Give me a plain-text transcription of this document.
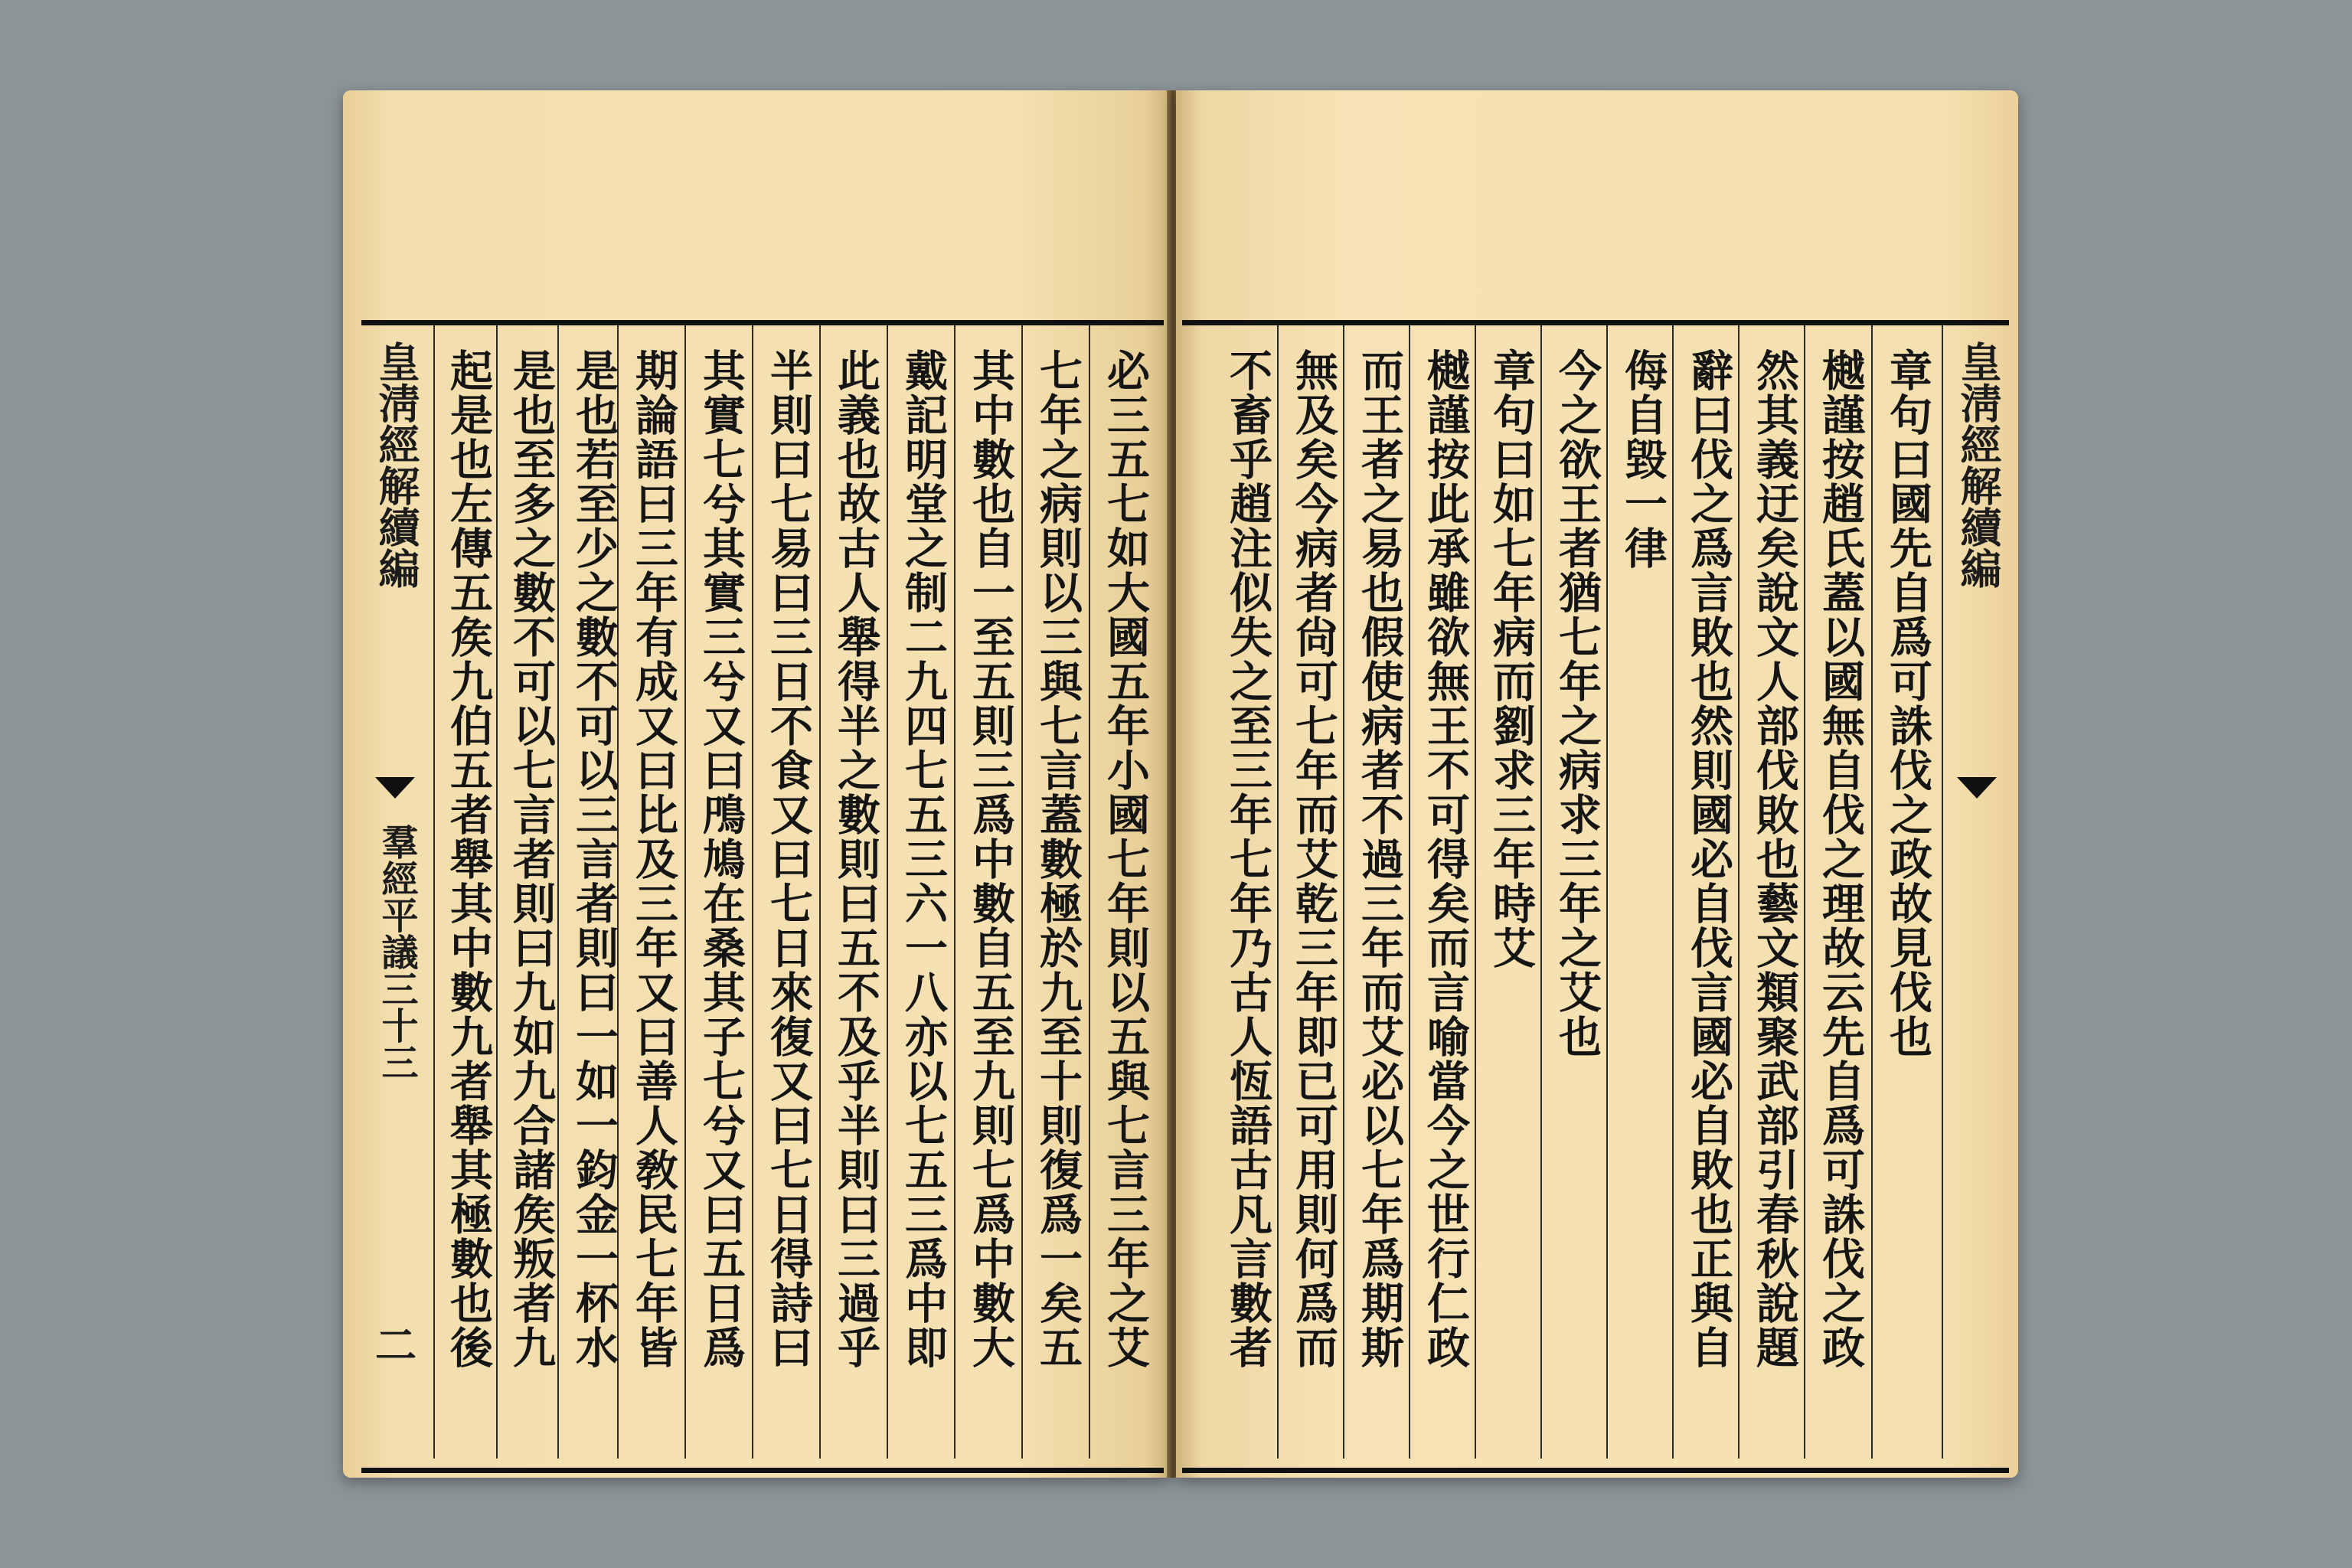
皇淸經解續編
羣經平議三十三
二	必三五七如大國五年小國七年則以五與七言三年之艾
七年之病則以三與七言蓋數極於九至十則復爲一矣五
其中數也自一至五則三爲中數自五至九則七爲中數大
戴記明堂之制二九四七五三六一八亦以七五三爲中即
此義也故古人舉得半之數則曰五不及乎半則曰三過乎
半則曰七易曰三日不食又曰七日來復又曰七日得詩曰
其實七兮其實三兮又曰鳲鳩在桑其子七兮又曰五日爲
期論語曰三年有成又曰比及三年又曰善人敎民七年皆
是也若至少之數不可以三言者則曰一如一鈞金一杯水
是也至多之數不可以七言者則曰九如九合諸矦叛者九
起是也左傳五矦九伯五者舉其中數九者舉其極數也後	皇淸經解續編
章句曰國先自爲可誅伐之政故見伐也
樾謹按趙氏蓋以國無自伐之理故云先自爲可誅伐之政
然其義迂矣說文人部伐敗也藝文類聚武部引春秋說題
辭曰伐之爲言敗也然則國必自伐言國必自敗也正與自
侮自毀一律
今之欲王者猶七年之病求三年之艾也
章句曰如七年病而劉求三年時艾
樾謹按此承雖欲無王不可得矣而言喻當今之世行仁政
而王者之易也假使病者不過三年而艾必以七年爲期斯
無及矣今病者尙可七年而艾乾三年即已可用則何爲而
不畜乎趙注似失之至三年七年乃古人恆語古凡言數者
